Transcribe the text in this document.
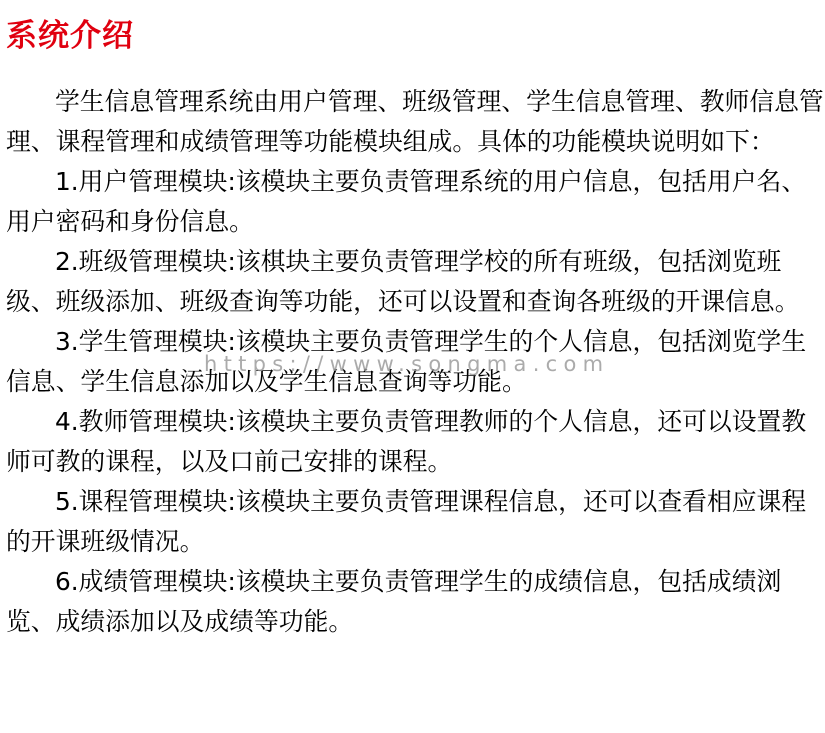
系统介绍

学生信息管理系统由用户管理、班级管理、学生信息管理、教师信息管理、课程管理和成绩管理等功能模块组成。具体的功能模块说明如下：

1.用户管理模块:该模块主要负责管理系统的用户信息，包括用户名、用户密码和身份信息。

2.班级管理模块:该棋块主要负责管理学校的所有班级，包括浏览班级、班级添加、班级查询等功能，还可以设置和查询各班级的开课信息。

3.学生管理模块:该模块主要负责管理学生的个人信息，包括浏览学生信息、学生信息添加以及学生信息查询等功能。

4.教师管理模块:该模块主要负责管理教师的个人信息，还可以设置教师可教的课程，以及口前己安排的课程。

5.课程管理模块:该模块主要负责管理课程信息，还可以查看相应课程的开课班级情况。

6.成绩管理模块:该模块主要负责管理学生的成绩信息，包括成绩浏览、成绩添加以及成绩等功能。

https://www.songma.com
